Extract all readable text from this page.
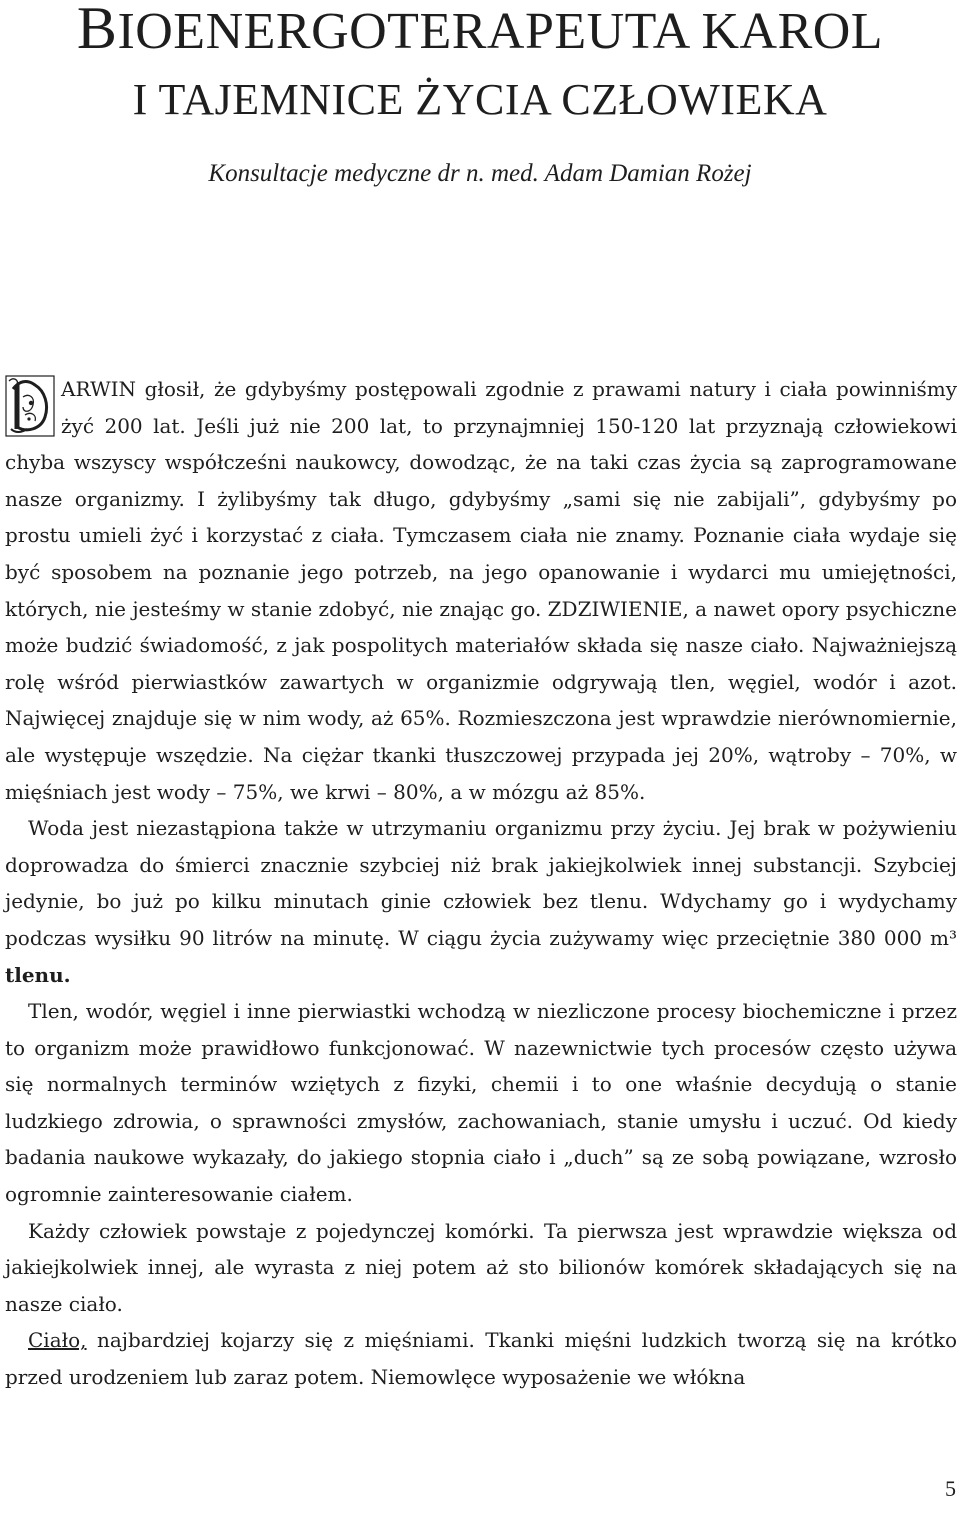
BIOENERGOTERAPEUTA KAROL
I TAJEMNICE ŻYCIA CZŁOWIEKA

Konsultacje medyczne dr n. med. Adam Damian Rożej

ARWIN głosił, że gdybyśmy postępowali zgodnie z prawami natury i ciała powinniśmy żyć 200 lat. Jeśli już nie 200 lat, to przynajmniej 150-120 lat przyznają człowiekowi chyba wszyscy współcześni naukowcy, dowodząc, że na taki czas życia są zaprogramowane nasze organizmy. I żylibyśmy tak długo, gdybyśmy „sami się nie zabijali”, gdybyśmy po prostu umieli żyć i korzystać z ciała. Tymczasem ciała nie znamy. Poznanie ciała wydaje się być sposobem na poznanie jego potrzeb, na jego opanowanie i wydarci mu umiejętności, których, nie jesteśmy w stanie zdobyć, nie znając go. ZDZIWIENIE, a nawet opory psychiczne może budzić świadomość, z jak pospolitych materiałów składa się nasze ciało. Najważniejszą rolę wśród pierwiastków zawartych w organizmie odgrywają tlen, węgiel, wodór i azot. Najwięcej znajduje się w nim wody, aż 65%. Rozmieszczona jest wprawdzie nierównomiernie, ale występuje wszędzie. Na ciężar tkanki tłuszczowej przypada jej 20%, wątroby – 70%, w mięśniach jest wody – 75%, we krwi – 80%, a w mózgu aż 85%.

Woda jest niezastąpiona także w utrzymaniu organizmu przy życiu. Jej brak w pożywieniu doprowadza do śmierci znacznie szybciej niż brak jakiejkolwiek innej substancji. Szybciej jedynie, bo już po kilku minutach ginie człowiek bez tlenu. Wdychamy go i wydychamy podczas wysiłku 90 litrów na minutę. W ciągu życia zużywamy więc przeciętnie 380 000 m³ tlenu.

Tlen, wodór, węgiel i inne pierwiastki wchodzą w niezliczone procesy biochemiczne i przez to organizm może prawidłowo funkcjonować. W nazewnictwie tych procesów często używa się normalnych terminów wziętych z fizyki, chemii i to one właśnie decydują o stanie ludzkiego zdrowia, o sprawności zmysłów, zachowaniach, stanie umysłu i uczuć. Od kiedy badania naukowe wykazały, do jakiego stopnia ciało i „duch” są ze sobą powiązane, wzrosło ogromnie zainteresowanie ciałem.

Każdy człowiek powstaje z pojedynczej komórki. Ta pierwsza jest wprawdzie większa od jakiejkolwiek innej, ale wyrasta z niej potem aż sto bilionów komórek składających się na nasze ciało.

Ciało, najbardziej kojarzy się z mięśniami. Tkanki mięśni ludzkich tworzą się na krótko przed urodzeniem lub zaraz potem. Niemowlęce wyposażenie we włókna

5
